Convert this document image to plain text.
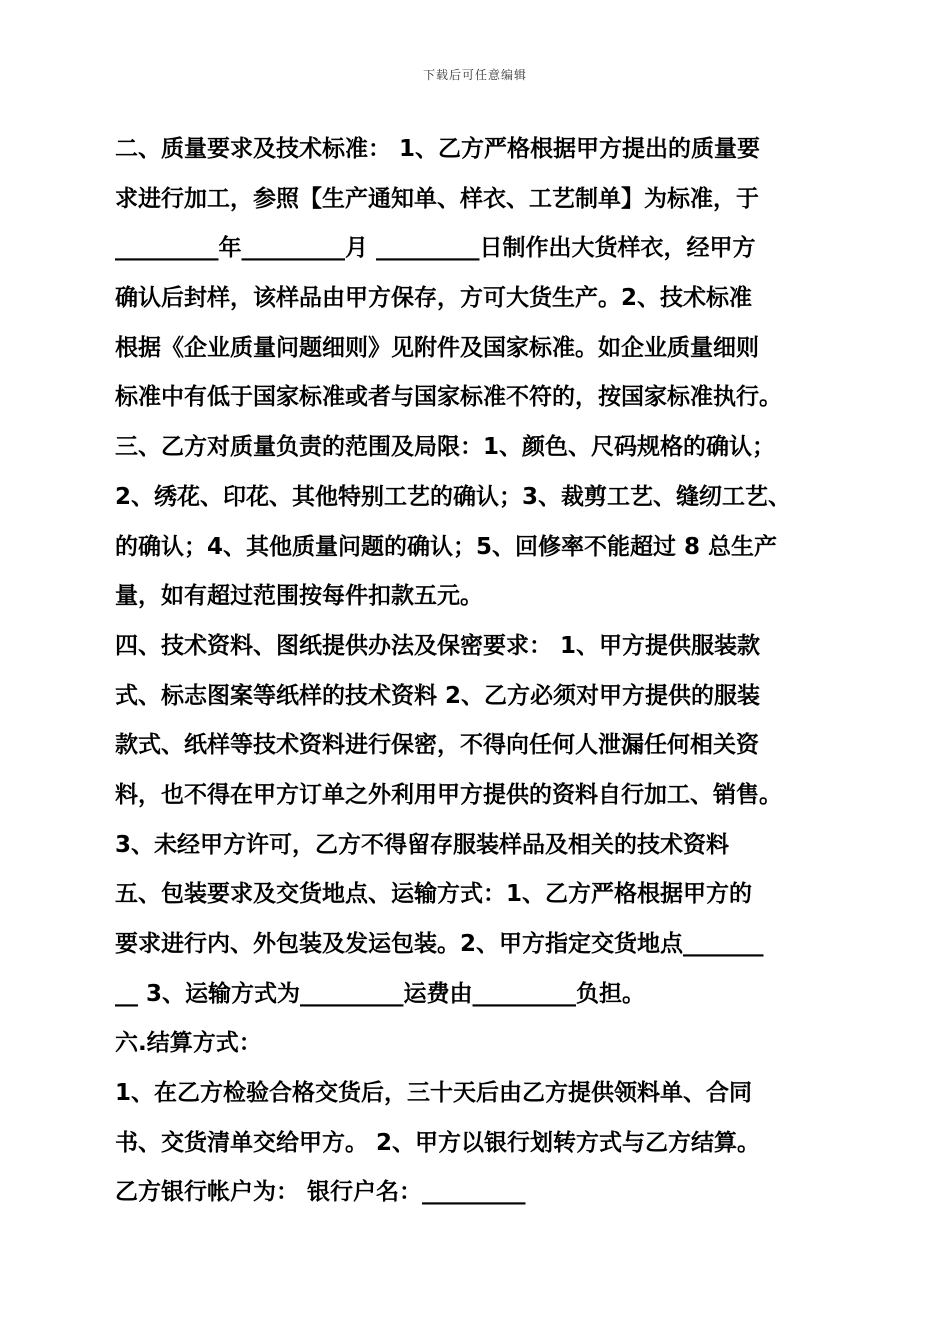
下载后可任意编辑
二、质量要求及技术标准： 1、乙方严格根据甲方提出的质量要
求进行加工，参照【生产通知单、样衣、工艺制单】为标准，于
_________年_________月 _________日制作出大货样衣，经甲方
确认后封样，该样品由甲方保存，方可大货生产。2、技术标准
根据《企业质量问题细则》见附件及国家标准。如企业质量细则
标准中有低于国家标准或者与国家标准不符的，按国家标准执行。
三、乙方对质量负责的范围及局限：1、颜色、尺码规格的确认；
2、绣花、印花、其他特别工艺的确认；3、裁剪工艺、缝纫工艺、
的确认；4、其他质量问题的确认；5、回修率不能超过 8 总生产
量，如有超过范围按每件扣款五元。
四、技术资料、图纸提供办法及保密要求： 1、甲方提供服装款
式、标志图案等纸样的技术资料 2、乙方必须对甲方提供的服装
款式、纸样等技术资料进行保密，不得向任何人泄漏任何相关资
料，也不得在甲方订单之外利用甲方提供的资料自行加工、销售。
3、未经甲方许可，乙方不得留存服装样品及相关的技术资料
五、包装要求及交货地点、运输方式：1、乙方严格根据甲方的
要求进行内、外包装及发运包装。2、甲方指定交货地点_______
__ 3、运输方式为_________运费由_________负担。
六.结算方式：
1、在乙方检验合格交货后，三十天后由乙方提供领料单、合同
书、交货清单交给甲方。 2、甲方以银行划转方式与乙方结算。
乙方银行帐户为： 银行户名：_________
